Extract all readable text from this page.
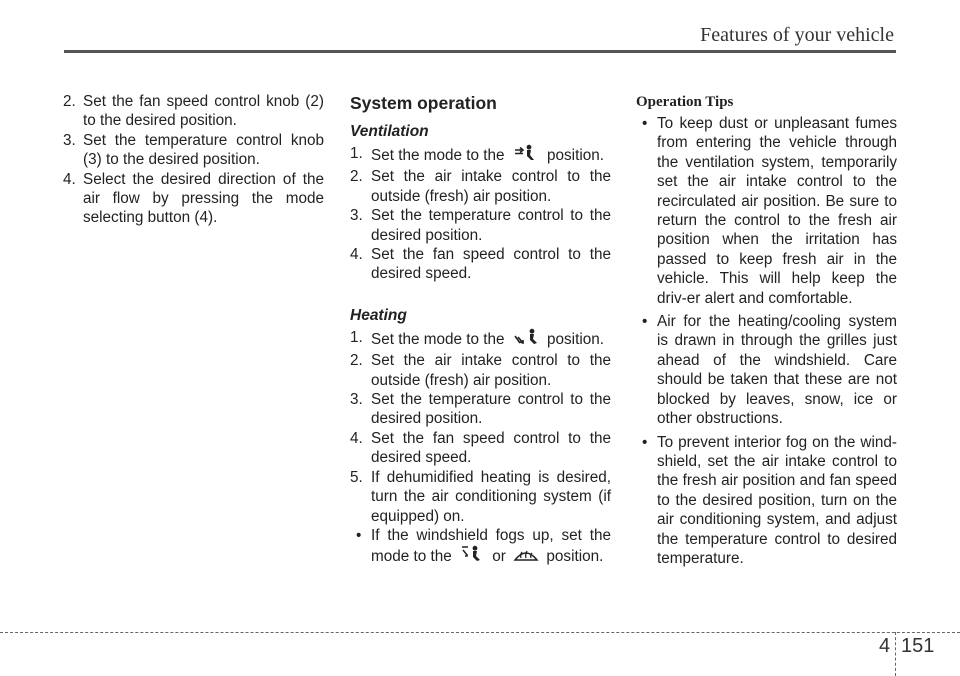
Features of your vehicle
2. Set the fan speed control knob (2) to the desired position.
3. Set the temperature control knob (3) to the desired position.
4. Select the desired direction of the air flow by pressing the mode selecting button (4).
System operation
Ventilation
1. Set the mode to the	position.
2. Set the air intake control to the outside (fresh) air position.
3. Set the temperature control to the desired position.
4. Set the fan speed control to the desired speed.
Heating
1. Set the mode to the	position.
2. Set the air intake control to the outside (fresh) air position.
3. Set the temperature control to the desired position.
4. Set the fan speed control to the desired speed.
5. If dehumidified heating is desired, turn the air conditioning system (if equipped) on.
• If the windshield fogs up, set the mode to the	or	position.
Operation Tips
• To keep dust or unpleasant fumes from entering the vehicle through the ventilation system, temporarily set the air intake control to the recirculated air position. Be sure to return the control to the fresh air position when the irritation has passed to keep fresh air in the vehicle. This will help keep the driv-er alert and comfortable.
• Air for the heating/cooling system is drawn in through the grilles just ahead of the windshield. Care should be taken that these are not blocked by leaves, snow, ice or other obstructions.
• To prevent interior fog on the wind-shield, set the air intake control to the fresh air position and fan speed to the desired position, turn on the air conditioning system, and adjust the temperature control to desired temperature.
4 151
